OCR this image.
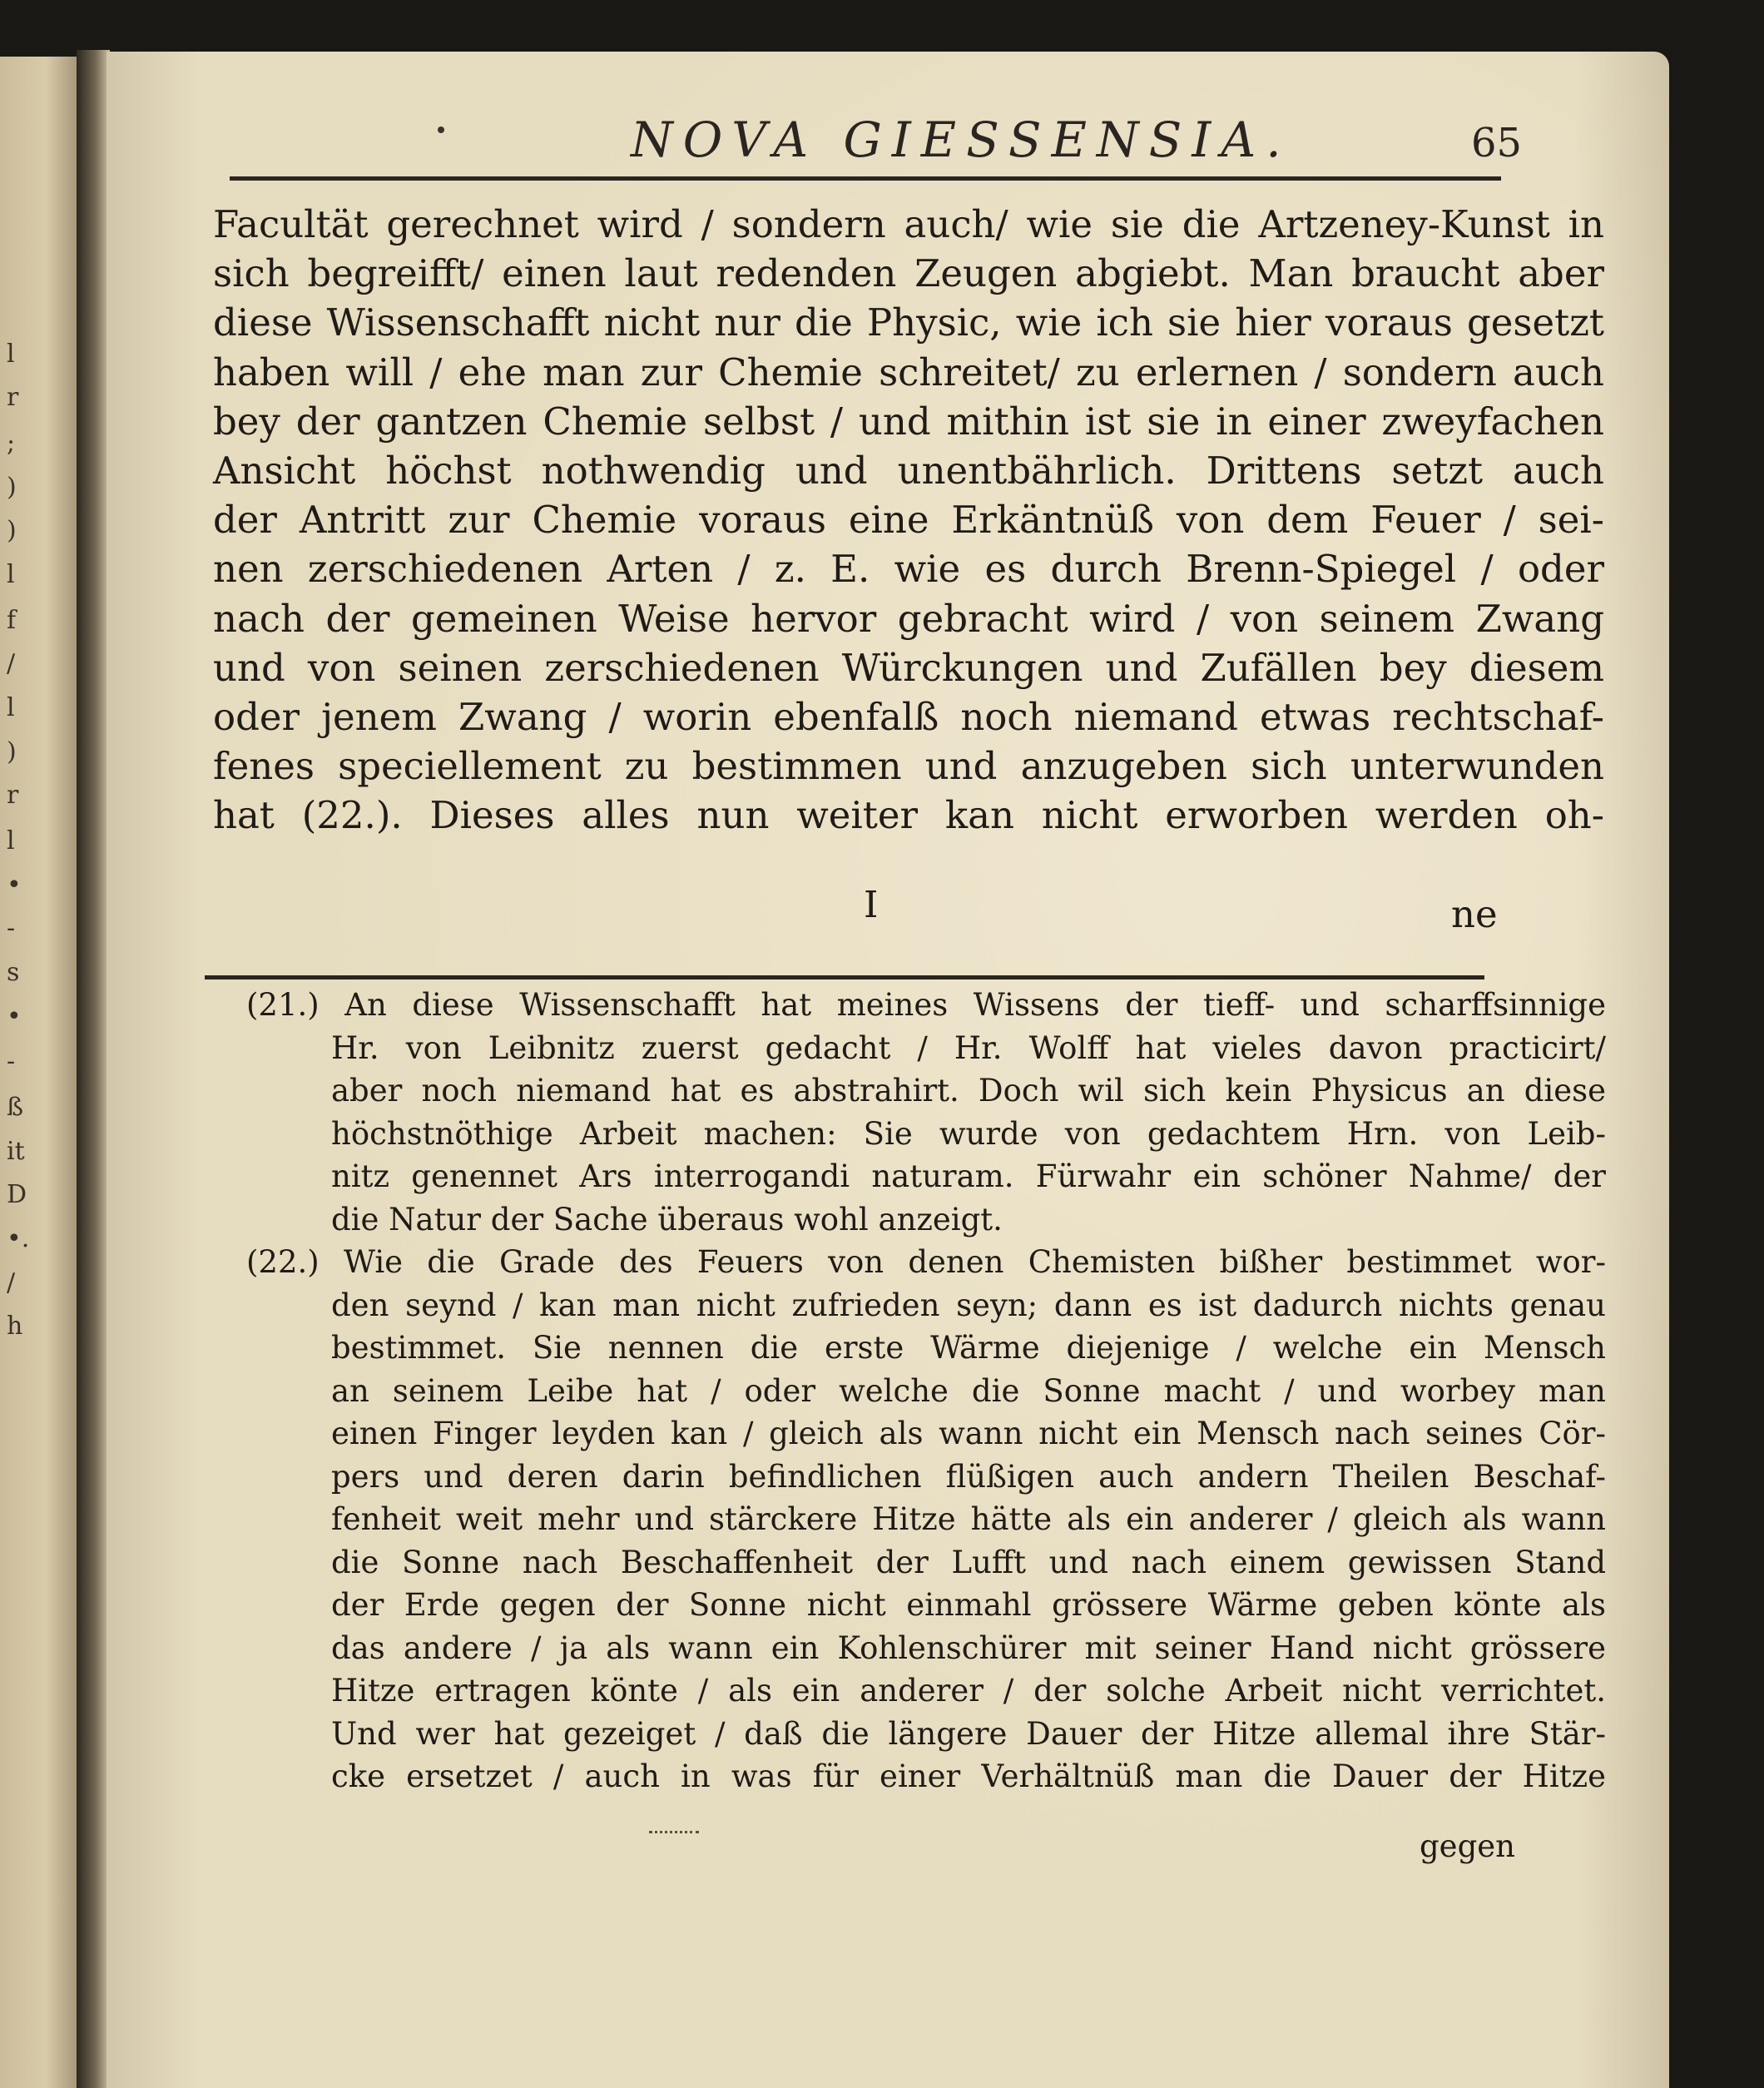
l
r
;
)
)
l
f
/
l
)
r
l
•
-
s
•
-
ß
it
D
•.
/
h
NOVA GIESSENSIA.	65
Facultät gerechnet wird / sondern auch/ wie sie die Artzeney-Kunst in
sich begreifft/ einen laut redenden Zeugen abgiebt. Man braucht aber
diese Wissenschafft nicht nur die Physic, wie ich sie hier voraus gesetzt
haben will / ehe man zur Chemie schreitet/ zu erlernen / sondern auch
bey der gantzen Chemie selbst / und mithin ist sie in einer zweyfachen
Ansicht höchst nothwendig und unentbährlich. Drittens setzt auch
der Antritt zur Chemie voraus eine Erkäntnüß von dem Feuer / sei-
nen zerschiedenen Arten / z. E. wie es durch Brenn-Spiegel / oder
nach der gemeinen Weise hervor gebracht wird / von seinem Zwang
und von seinen zerschiedenen Würckungen und Zufällen bey diesem
oder jenem Zwang / worin ebenfalß noch niemand etwas rechtschaf-
fenes speciellement zu bestimmen und anzugeben sich unterwunden
hat (22.). Dieses alles nun weiter kan nicht erworben werden oh-
I	ne
(21.) An diese Wissenschafft hat meines Wissens der tieff- und scharffsinnige
Hr. von Leibnitz zuerst gedacht / Hr. Wolff hat vieles davon practicirt/
aber noch niemand hat es abstrahirt. Doch wil sich kein Physicus an diese
höchstnöthige Arbeit machen: Sie wurde von gedachtem Hrn. von Leib-
nitz genennet Ars interrogandi naturam. Fürwahr ein schöner Nahme/ der
die Natur der Sache überaus wohl anzeigt.
(22.) Wie die Grade des Feuers von denen Chemisten bißher bestimmet wor-
den seynd / kan man nicht zufrieden seyn; dann es ist dadurch nichts genau
bestimmet. Sie nennen die erste Wärme diejenige / welche ein Mensch
an seinem Leibe hat / oder welche die Sonne macht / und worbey man
einen Finger leyden kan / gleich als wann nicht ein Mensch nach seines Cör-
pers und deren darin befindlichen flüßigen auch andern Theilen Beschaf-
fenheit weit mehr und stärckere Hitze hätte als ein anderer / gleich als wann
die Sonne nach Beschaffenheit der Lufft und nach einem gewissen Stand
der Erde gegen der Sonne nicht einmahl grössere Wärme geben könte als
das andere / ja als wann ein Kohlenschürer mit seiner Hand nicht grössere
Hitze ertragen könte / als ein anderer / der solche Arbeit nicht verrichtet.
Und wer hat gezeiget / daß die längere Dauer der Hitze allemal ihre Stär-
cke ersetzet / auch in was für einer Verhältnüß man die Dauer der Hitze
gegen
